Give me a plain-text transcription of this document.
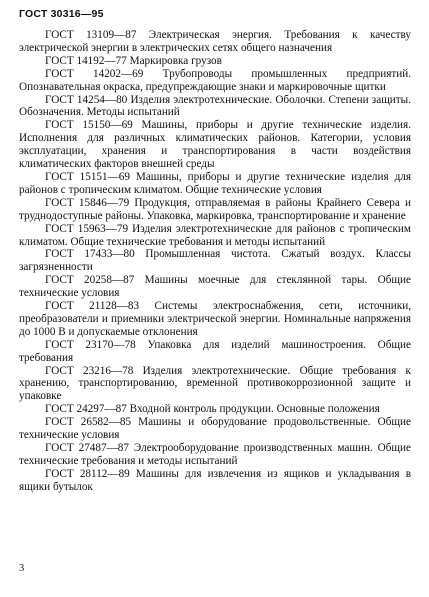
ГОСТ 30316—95
ГОСТ 13109—87 Электрическая энергия. Требования к качеству электрической энергии в электрических сетях общего назначения
ГОСТ 14192—77 Маркировка грузов
ГОСТ 14202—69 Трубопроводы промышленных предприятий. Опознавательная окраска, предупреждающие знаки и маркировочные щитки
ГОСТ 14254—80 Изделия электротехнические. Оболочки. Степени защиты. Обозначения. Методы испытаний
ГОСТ 15150—69 Машины, приборы и другие технические изделия. Исполнения для различных климатических районов. Категории, условия эксплуатации, хранения и транспортирования в части воздействия климатических факторов внешней среды
ГОСТ 15151—69 Машины, приборы и другие технические изделия для районов с тропическим климатом. Общие технические условия
ГОСТ 15846—79 Продукция, отправляемая в районы Крайнего Севера и труднодоступные районы. Упаковка, маркировка, транспортирование и хранение
ГОСТ 15963—79 Изделия электротехнические для районов с тропическим климатом. Общие технические требования и методы испытаний
ГОСТ 17433—80 Промышленная чистота. Сжатый воздух. Классы загрязненности
ГОСТ 20258—87 Машины моечные для стеклянной тары. Общие технические условия
ГОСТ 21128—83 Системы электроснабжения, сети, источники, преобразователи и приемники электрической энергии. Номинальные напряжения до 1000 В и допускаемые отклонения
ГОСТ 23170—78 Упаковка для изделий машиностроения. Общие требования
ГОСТ 23216—78 Изделия электротехнические. Общие требования к хранению, транспортированию, временной противокоррозионной защите и упаковке
ГОСТ 24297—87 Входной контроль продукции. Основные положения
ГОСТ 26582—85 Машины и оборудование продовольственные. Общие технические условия
ГОСТ 27487—87 Электрооборудование производственных машин. Общие технические требования и методы испытаний
ГОСТ 28112—89 Машины для извлечения из ящиков и укладывания в ящики бутылок
3
